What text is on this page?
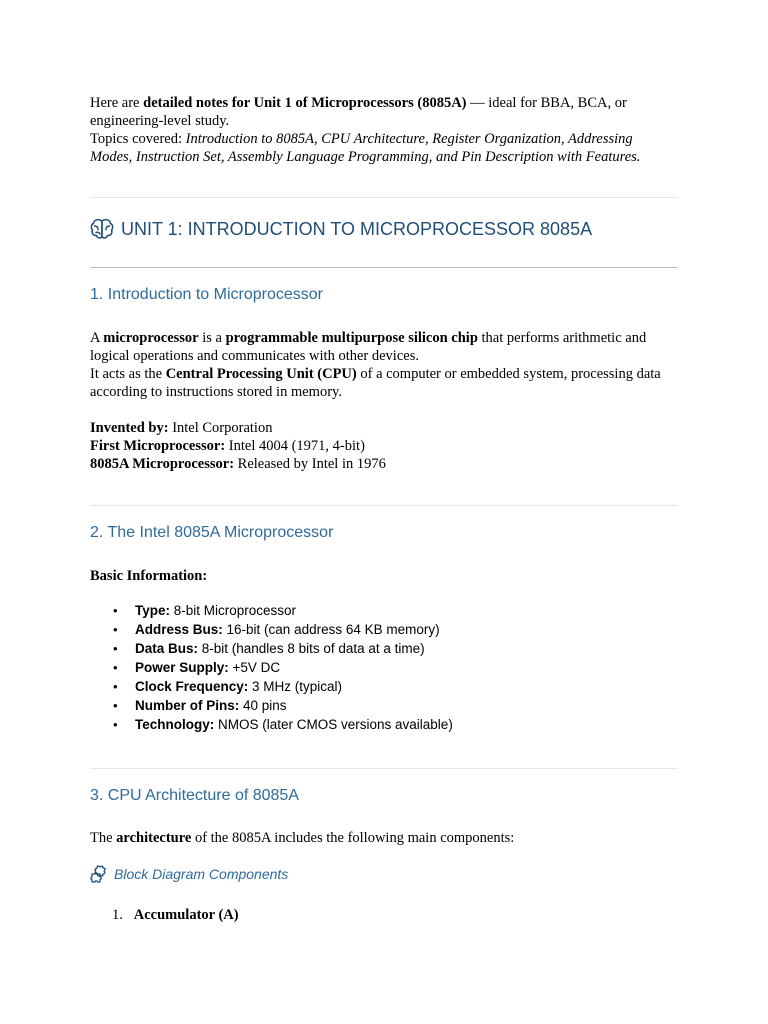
Here are detailed notes for Unit 1 of Microprocessors (8085A) — ideal for BBA, BCA, or engineering-level study.

Topics covered: Introduction to 8085A, CPU Architecture, Register Organization, Addressing Modes, Instruction Set, Assembly Language Programming, and Pin Description with Features.

UNIT 1: INTRODUCTION TO MICROPROCESSOR 8085A
1. Introduction to Microprocessor

A microprocessor is a programmable multipurpose silicon chip that performs arithmetic and logical operations and communicates with other devices.

It acts as the Central Processing Unit (CPU) of a computer or embedded system, processing data according to instructions stored in memory.

Invented by: Intel Corporation

First Microprocessor: Intel 4004 (1971, 4-bit)

8085A Microprocessor: Released by Intel in 1976

2. The Intel 8085A Microprocessor
Basic Information:
• Type: 8-bit Microprocessor
• Address Bus: 16-bit (can address 64 KB memory)
• Data Bus: 8-bit (handles 8 bits of data at a time)
• Power Supply: +5V DC
• Clock Frequency: 3 MHz (typical)
• Number of Pins: 40 pins
• Technology: NMOS (later CMOS versions available)
3. CPU Architecture of 8085A

The architecture of the 8085A includes the following main components:

Block Diagram Components
1. Accumulator (A)
